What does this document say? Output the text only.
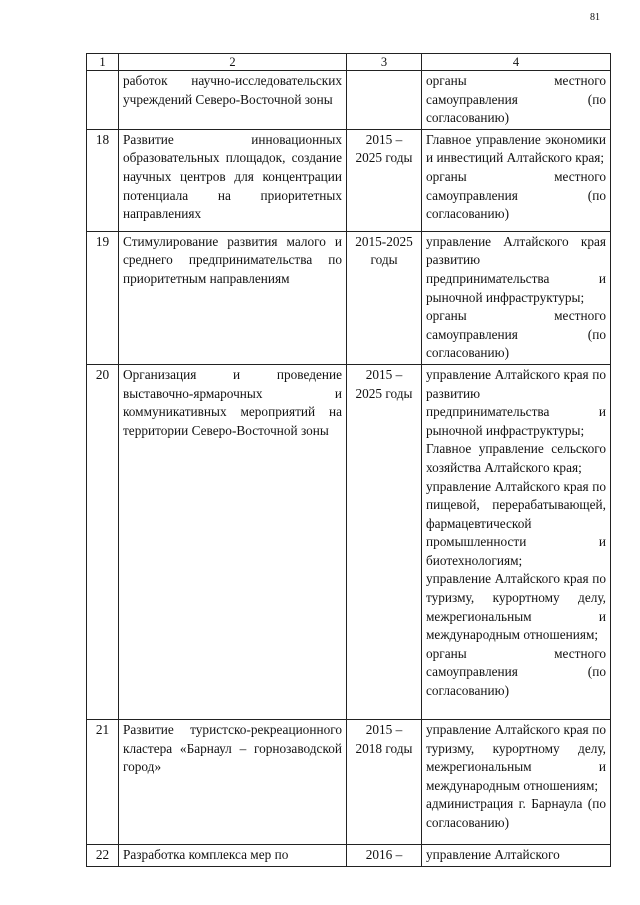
81
1	2	3	4
	работок научно-исследовательских учреждений Северо-Восточной зоны		органы местного самоуправления (по согласованию)

18	Развитие инновационных образовательных площадок, создание научных центров для концентрации потенциала на приоритетных направлениях	2015 – 2025 годы	Главное управление экономики и инвестиций Алтайского края;
органы местного самоуправления (по согласованию)

19	Стимулирование развития малого и среднего предпринимательства по приоритетным направлениям	2015-2025 годы	управление Алтайского края развитию предпринимательства и рыночной инфраструктуры;
органы местного самоуправления (по согласованию)

20	Организация и проведение выставочно-ярмарочных и коммуникативных мероприятий на территории Северо-Восточной зоны	2015 – 2025 годы	управление Алтайского края по развитию предпринимательства и рыночной инфраструктуры;
Главное управление сельского хозяйства Алтайского края;
управление Алтайского края по пищевой, перерабатывающей, фармацевтической промышленности и биотехнологиям;
управление Алтайского края по туризму, курортному делу, межрегиональным и международным отношениям;
органы местного самоуправления (по согласованию)

21	Развитие туристско-рекреационного кластера «Барнаул – горнозаводской город»	2015 – 2018 годы	управление Алтайского края по туризму, курортному делу, межрегиональным и международным отношениям;
администрация г. Барнаула (по согласованию)

22	Разработка комплекса мер по	2016 –	управление Алтайского
